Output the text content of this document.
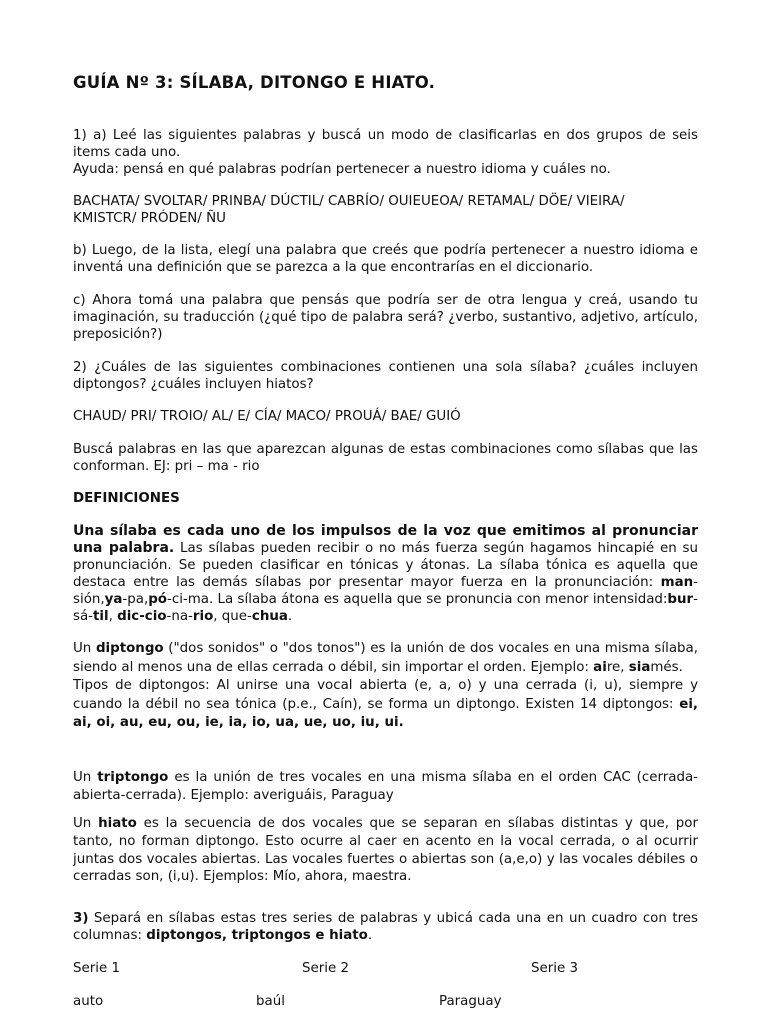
GUÍA Nº 3: SÍLABA, DITONGO E HIATO.

1) a) Leé las siguientes palabras y buscá un modo de clasificarlas en dos grupos de seis items cada uno.
Ayuda: pensá en qué palabras podrían pertenecer a nuestro idioma y cuáles no.

BACHATA/ SVOLTAR/ PRINBA/ DÚCTIL/ CABRÍO/ OUIEUEOA/ RETAMAL/ DÖE/ VIEIRA/
KMISTCR/ PRÓDEN/ ÑU

b) Luego, de la lista, elegí una palabra que creés que podría pertenecer a nuestro idioma e inventá una definición que se parezca a la que encontrarías en el diccionario.

c) Ahora tomá una palabra que pensás que podría ser de otra lengua y creá, usando tu imaginación, su traducción (¿qué tipo de palabra será? ¿verbo, sustantivo, adjetivo, artículo, preposición?)

2) ¿Cuáles de las siguientes combinaciones contienen una sola sílaba? ¿cuáles incluyen diptongos? ¿cuáles incluyen hiatos?

CHAUD/ PRI/ TROIO/ AL/ E/ CÍA/ MACO/ PROUÁ/ BAE/ GUIÓ

Buscá palabras en las que aparezcan algunas de estas combinaciones como sílabas que las conforman. EJ: pri – ma - rio

DEFINICIONES

Una sílaba es cada uno de los impulsos de la voz que emitimos al pronunciar una palabra. Las sílabas pueden recibir o no más fuerza según hagamos hincapié en su pronunciación. Se pueden clasificar en tónicas y átonas. La sílaba tónica es aquella que destaca entre las demás sílabas por presentar mayor fuerza en la pronunciación: man-sión,ya-pa,pó-ci-ma. La sílaba átona es aquella que se pronuncia con menor intensidad:bur-sá-til, dic-cio-na-rio, que-chua.

Un diptongo ("dos sonidos" o "dos tonos") es la unión de dos vocales en una misma sílaba, siendo al menos una de ellas cerrada o débil, sin importar el orden. Ejemplo: aire, siamés.
Tipos de diptongos: Al unirse una vocal abierta (e, a, o) y una cerrada (i, u), siempre y cuando la débil no sea tónica (p.e., Caín), se forma un diptongo. Existen 14 diptongos: ei, ai, oi, au, eu, ou, ie, ia, io, ua, ue, uo, iu, ui.

Un triptongo es la unión de tres vocales en una misma sílaba en el orden CAC (cerrada-abierta-cerrada). Ejemplo: averiguáis, Paraguay

Un hiato es la secuencia de dos vocales que se separan en sílabas distintas y que, por tanto, no forman diptongo. Esto ocurre al caer en acento en la vocal cerrada, o al ocurrir juntas dos vocales abiertas. Las vocales fuertes o abiertas son (a,e,o) y las vocales débiles o cerradas son, (i,u). Ejemplos: Mío, ahora, maestra.

3) Separá en sílabas estas tres series de palabras y ubicá cada una en un cuadro con tres columnas: diptongos, triptongos e hiato.

Serie 1	Serie 2	Serie 3
auto	baúl	Paraguay
